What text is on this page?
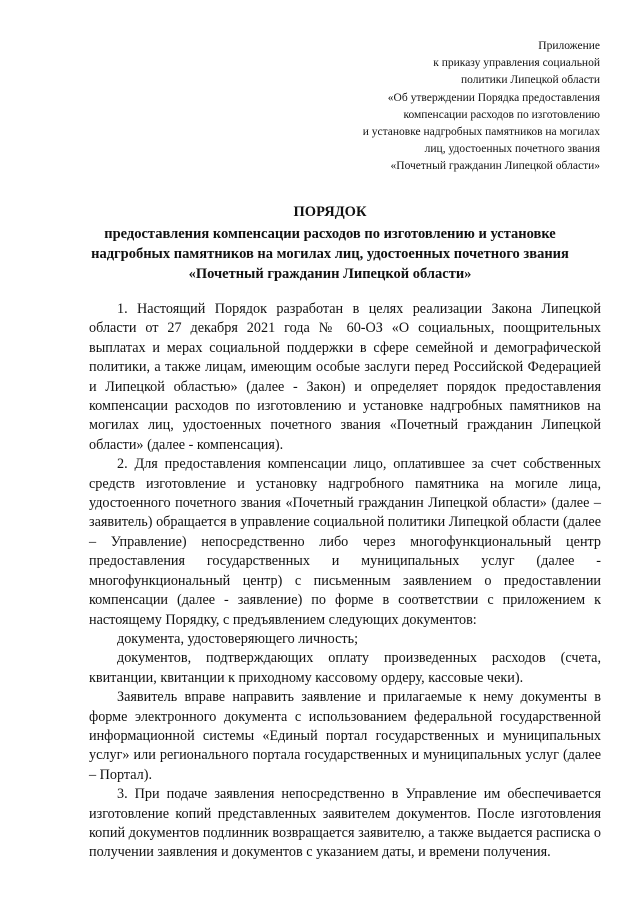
Приложение
к приказу управления социальной
политики Липецкой области
«Об утверждении Порядка предоставления
компенсации расходов по изготовлению
и установке надгробных памятников на могилах
лиц, удостоенных почетного звания
«Почетный гражданин Липецкой области»
ПОРЯДОК
предоставления компенсации расходов по изготовлению и установке
надгробных памятников на могилах лиц, удостоенных почетного звания
«Почетный гражданин Липецкой области»

1. Настоящий Порядок разработан в целях реализации Закона Липецкой области от 27 декабря 2021 года № 60-ОЗ «О социальных, поощрительных выплатах и мерах социальной поддержки в сфере семейной и демографической политики, а также лицам, имеющим особые заслуги перед Российской Федерацией и Липецкой областью» (далее - Закон) и определяет порядок предоставления компенсации расходов по изготовлению и установке надгробных памятников на могилах лиц, удостоенных почетного звания «Почетный гражданин Липецкой области» (далее - компенсация).

2. Для предоставления компенсации лицо, оплатившее за счет собственных средств изготовление и установку надгробного памятника на могиле лица, удостоенного почетного звания «Почетный гражданин Липецкой области» (далее – заявитель) обращается в управление социальной политики Липецкой области (далее – Управление) непосредственно либо через многофункциональный центр предоставления государственных и муниципальных услуг (далее - многофункциональный центр) с письменным заявлением о предоставлении компенсации (далее - заявление) по форме в соответствии с приложением к настоящему Порядку, с предъявлением следующих документов:

документа, удостоверяющего личность;

документов, подтверждающих оплату произведенных расходов (счета, квитанции, квитанции к приходному кассовому ордеру, кассовые чеки).

Заявитель вправе направить заявление и прилагаемые к нему документы в форме электронного документа с использованием федеральной государственной информационной системы «Единый портал государственных и муниципальных услуг» или регионального портала государственных и муниципальных услуг (далее – Портал).

3. При подаче заявления непосредственно в Управление им обеспечивается изготовление копий представленных заявителем документов. После изготовления копий документов подлинник возвращается заявителю, а также выдается расписка о получении заявления и документов с указанием даты, и времени получения.
